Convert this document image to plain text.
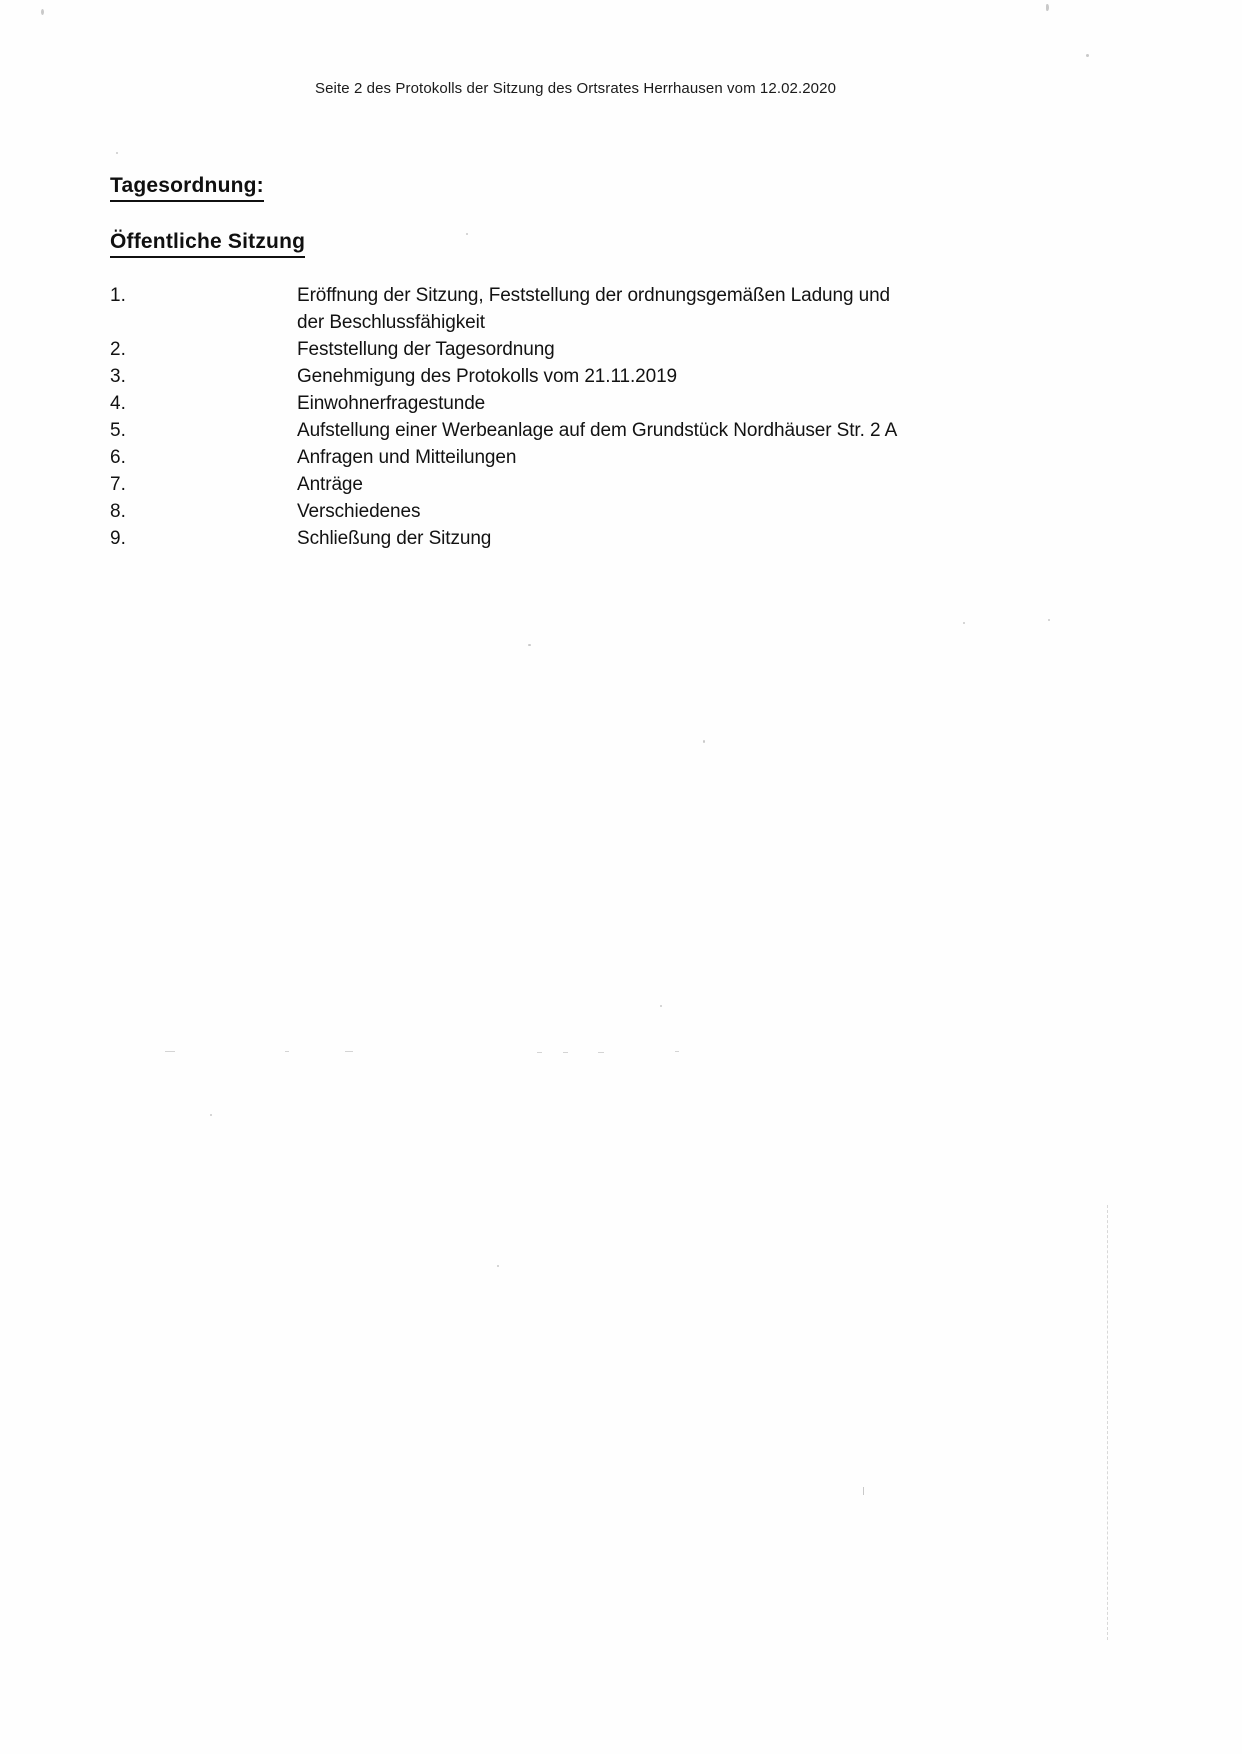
Seite 2 des Protokolls der Sitzung des Ortsrates Herrhausen vom 12.02.2020
Tagesordnung:
Öffentliche Sitzung
1.	Eröffnung der Sitzung, Feststellung der ordnungsgemäßen Ladung und
der Beschlussfähigkeit
2.	Feststellung der Tagesordnung
3.	Genehmigung des Protokolls vom 21.11.2019
4.	Einwohnerfragestunde
5.	Aufstellung einer Werbeanlage auf dem Grundstück Nordhäuser Str. 2 A
6.	Anfragen und Mitteilungen
7.	Anträge
8.	Verschiedenes
9.	Schließung der Sitzung
